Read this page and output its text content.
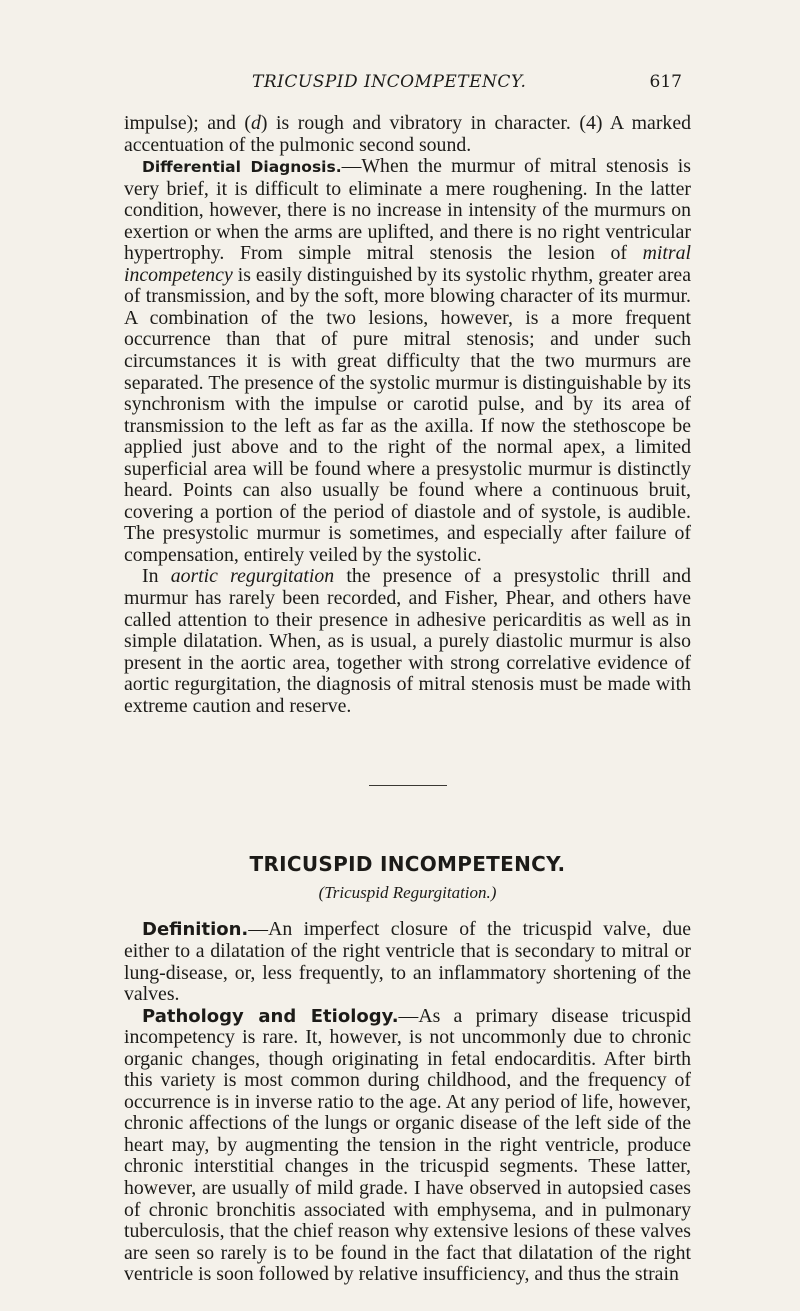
TRICUSPID INCOMPETENCY.	617

impulse); and (d) is rough and vibratory in character. (4) A marked accentuation of the pulmonic second sound.

Differential Diagnosis.—When the murmur of mitral stenosis is very brief, it is difficult to eliminate a mere roughening. In the latter condition, however, there is no increase in intensity of the murmurs on exertion or when the arms are uplifted, and there is no right ventricular hypertrophy. From simple mitral stenosis the lesion of mitral incompetency is easily distinguished by its systolic rhythm, greater area of transmission, and by the soft, more blowing character of its murmur. A combination of the two lesions, however, is a more frequent occurrence than that of pure mitral stenosis; and under such circumstances it is with great difficulty that the two murmurs are separated. The presence of the systolic murmur is distinguishable by its synchronism with the impulse or carotid pulse, and by its area of transmission to the left as far as the axilla. If now the stethoscope be applied just above and to the right of the normal apex, a limited superficial area will be found where a presystolic murmur is distinctly heard. Points can also usually be found where a continuous bruit, covering a portion of the period of diastole and of systole, is audible. The presystolic murmur is sometimes, and especially after failure of compensation, entirely veiled by the systolic.

In aortic regurgitation the presence of a presystolic thrill and murmur has rarely been recorded, and Fisher, Phear, and others have called attention to their presence in adhesive pericarditis as well as in simple dilatation. When, as is usual, a purely diastolic murmur is also present in the aortic area, together with strong correlative evidence of aortic regurgitation, the diagnosis of mitral stenosis must be made with extreme caution and reserve.

TRICUSPID INCOMPETENCY.
(Tricuspid Regurgitation.)

Definition.—An imperfect closure of the tricuspid valve, due either to a dilatation of the right ventricle that is secondary to mitral or lung-disease, or, less frequently, to an inflammatory shortening of the valves.

Pathology and Etiology.—As a primary disease tricuspid incompetency is rare. It, however, is not uncommonly due to chronic organic changes, though originating in fetal endocarditis. After birth this variety is most common during childhood, and the frequency of occurrence is in inverse ratio to the age. At any period of life, however, chronic affections of the lungs or organic disease of the left side of the heart may, by augmenting the tension in the right ventricle, produce chronic interstitial changes in the tricuspid segments. These latter, however, are usually of mild grade. I have observed in autopsied cases of chronic bronchitis associated with emphysema, and in pulmonary tuberculosis, that the chief reason why extensive lesions of these valves are seen so rarely is to be found in the fact that dilatation of the right ventricle is soon followed by relative insufficiency, and thus the strain
